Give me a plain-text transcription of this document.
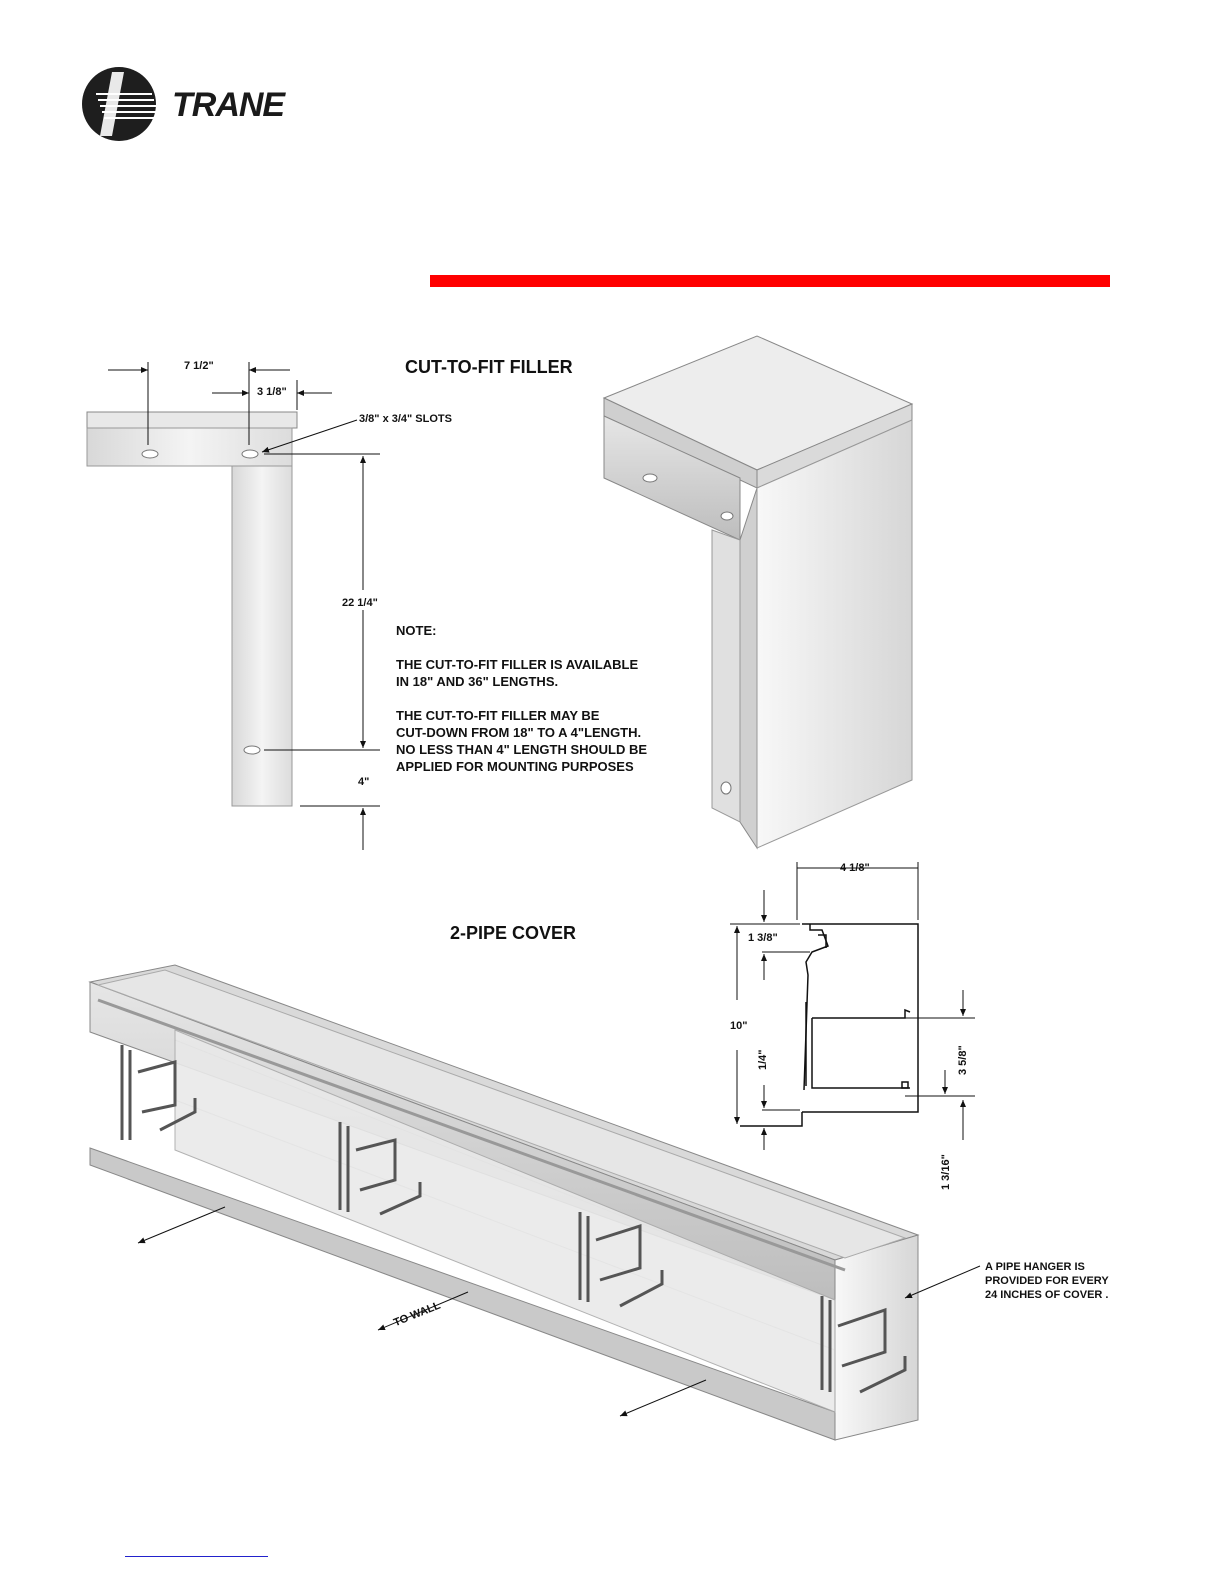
TRANE
CUT-TO-FIT FILLER
2-PIPE COVER
7 1/2"
3 1/8"
3/8" x 3/4" SLOTS
22 1/4"
4"
NOTE:
THE CUT-TO-FIT FILLER IS AVAILABLE
IN 18" AND 36" LENGTHS.
THE CUT-TO-FIT FILLER MAY BE
CUT-DOWN FROM 18" TO A 4"LENGTH.
NO LESS THAN 4" LENGTH SHOULD BE
APPLIED FOR MOUNTING PURPOSES
4 1/8"
1 3/8"
10"
1/4"	3 5/8"
1 3/16"
TO WALL
A PIPE HANGER IS
PROVIDED FOR EVERY
24 INCHES OF COVER .
